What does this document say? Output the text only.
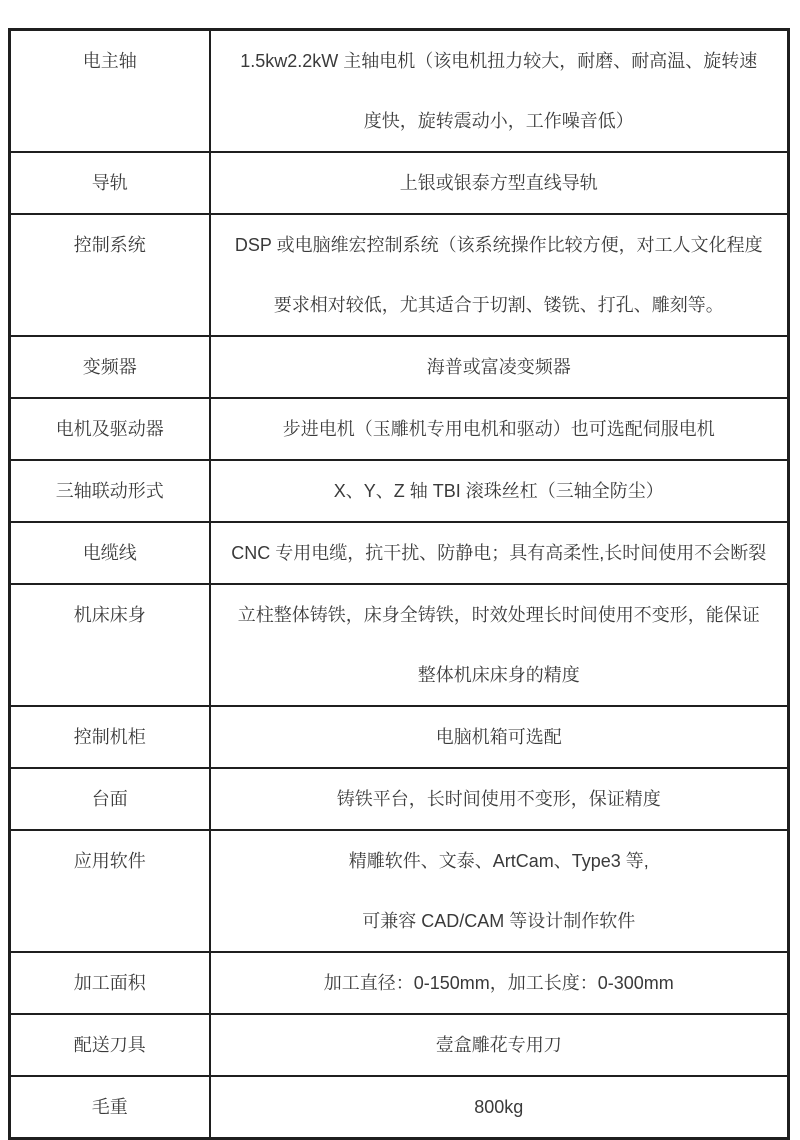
电主轴	1.5kw2.2kW 主轴电机（该电机扭力较大，耐磨、耐高温、旋转速
度快，旋转震动小，工作噪音低）

导轨	上银或银泰方型直线导轨

控制系统	DSP 或电脑维宏控制系统（该系统操作比较方便，对工人文化程度
要求相对较低，尤其适合于切割、镂铣、打孔、雕刻等。

变频器	海普或富凌变频器

电机及驱动器	步进电机（玉雕机专用电机和驱动）也可选配伺服电机

三轴联动形式	X、Y、Z 轴 TBI 滚珠丝杠（三轴全防尘）

电缆线	CNC 专用电缆，抗干扰、防静电；具有高柔性,长时间使用不会断裂

机床床身	立柱整体铸铁，床身全铸铁，时效处理长时间使用不变形，能保证
整体机床床身的精度

控制机柜	电脑机箱可选配

台面	铸铁平台，长时间使用不变形，保证精度

应用软件	精雕软件、文泰、ArtCam、Type3 等,
可兼容 CAD/CAM 等设计制作软件

加工面积	加工直径：0-150mm，加工长度：0-300mm

配送刀具	壹盒雕花专用刀

毛重	800kg
